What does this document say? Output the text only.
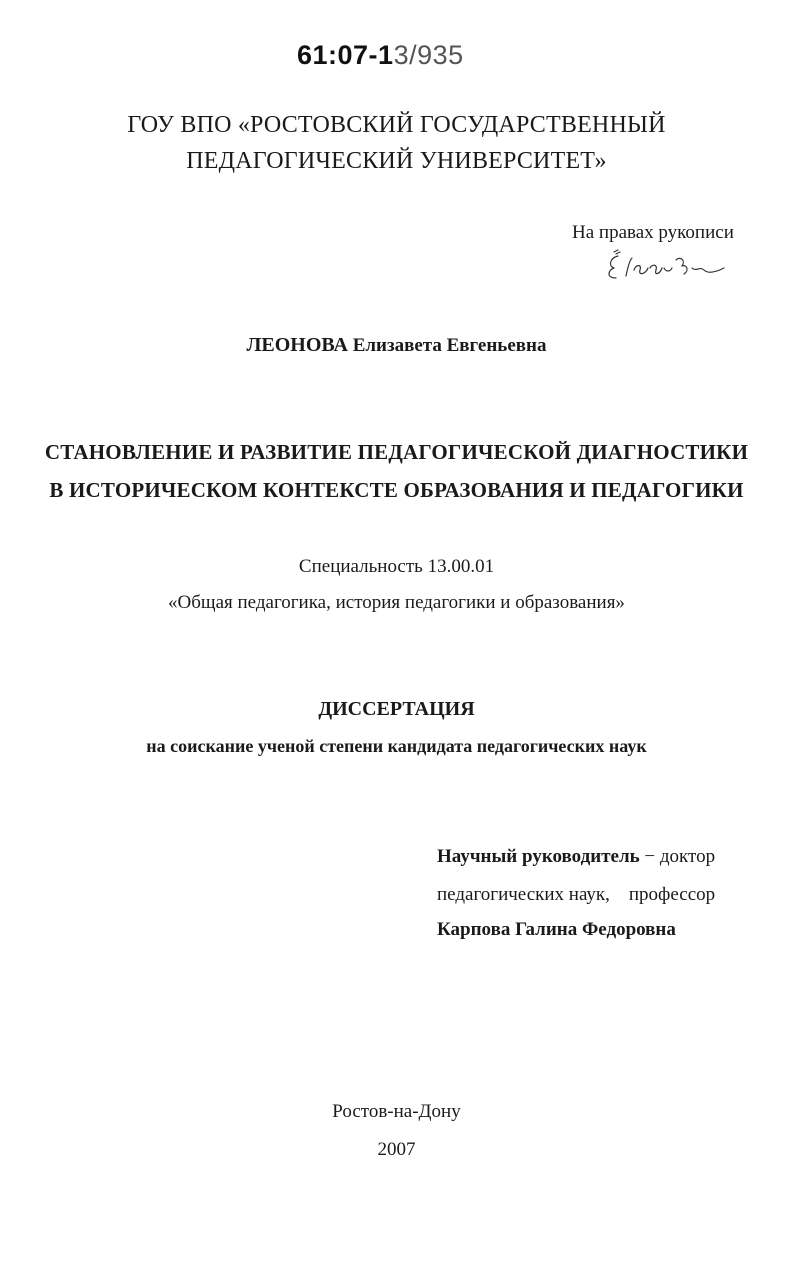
61:07-13/935
ГОУ ВПО «РОСТОВСКИЙ ГОСУДАРСТВЕННЫЙ
ПЕДАГОГИЧЕСКИЙ УНИВЕРСИТЕТ»
На правах рукописи
ЛЕОНОВА Елизавета Евгеньевна
СТАНОВЛЕНИЕ И РАЗВИТИЕ ПЕДАГОГИЧЕСКОЙ ДИАГНОСТИКИ
В ИСТОРИЧЕСКОМ КОНТЕКСТЕ ОБРАЗОВАНИЯ И ПЕДАГОГИКИ
Специальность 13.00.01
«Общая педагогика, история педагогики и образования»
ДИССЕРТАЦИЯ
на соискание ученой степени кандидата педагогических наук
Научный руководитель − доктор
педагогических наук,    профессор
Карпова Галина Федоровна
Ростов-на-Дону
2007
